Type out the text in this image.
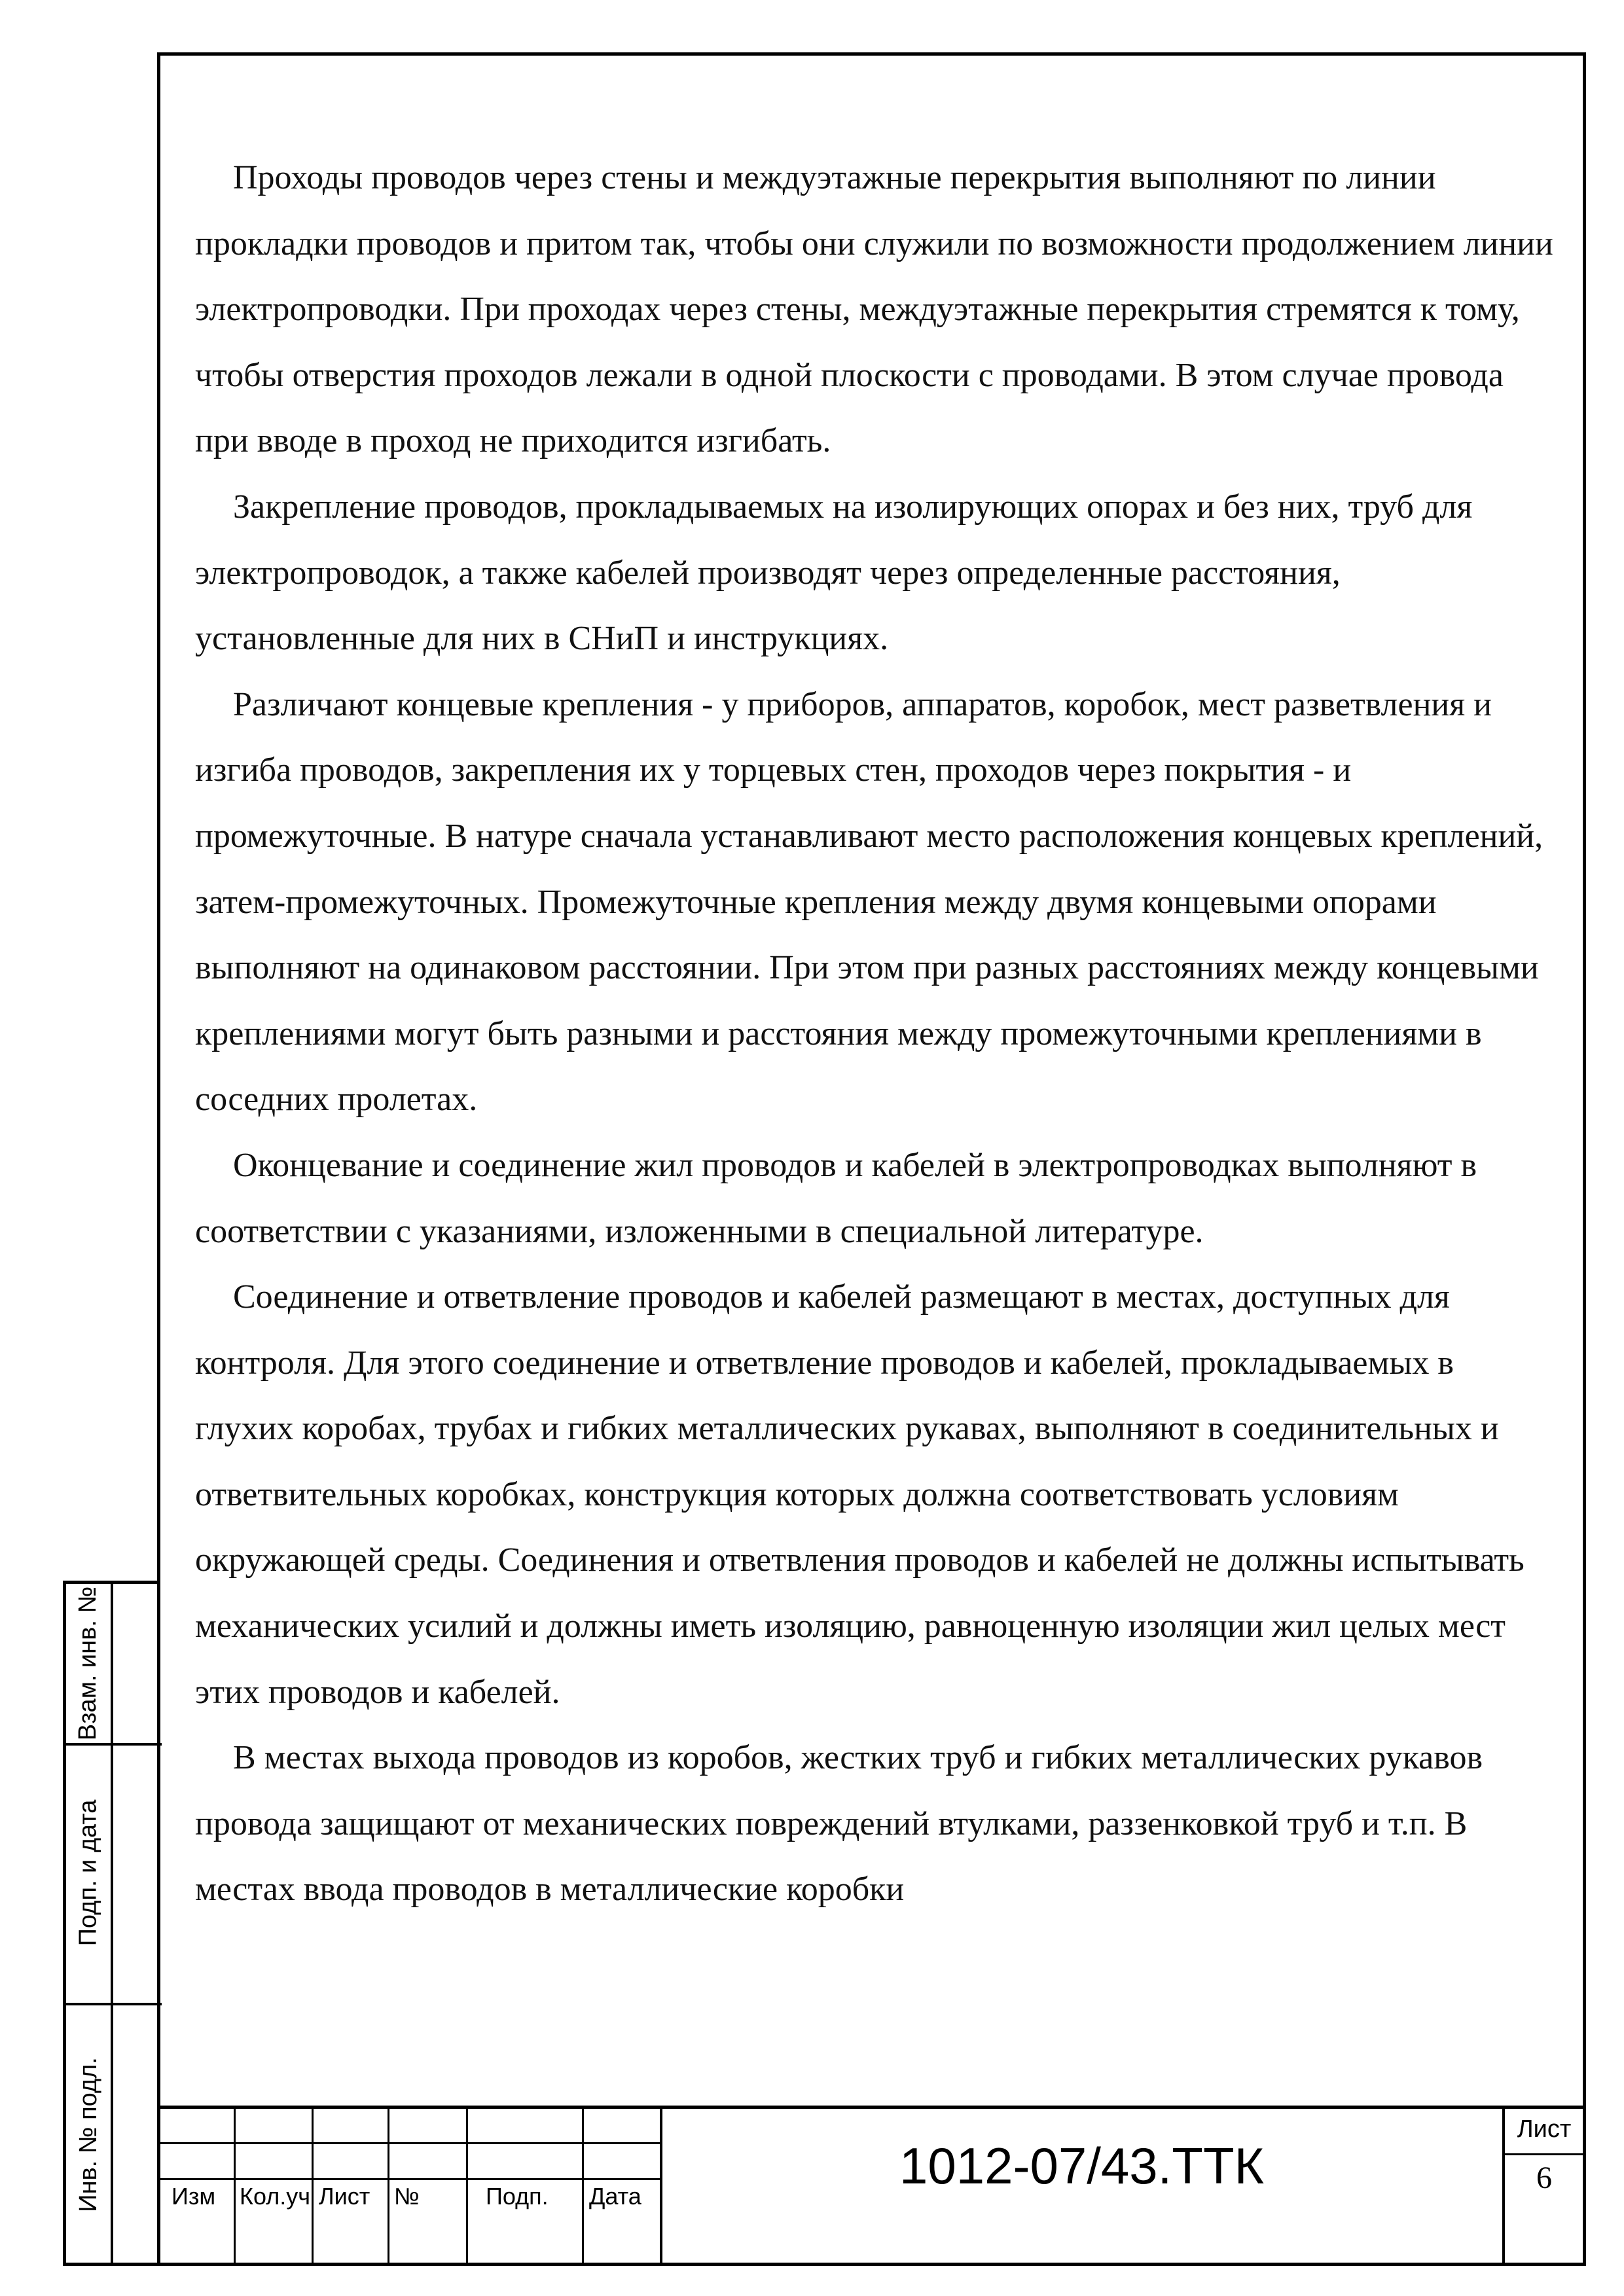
Проходы проводов через стены и междуэтажные перекрытия выполняют по линии прокладки проводов и притом так, чтобы они служили по возможности продолжением линии электропроводки. При проходах через стены, междуэтажные перекрытия стремятся к тому, чтобы отверстия проходов лежали в одной плоскости с проводами. В этом случае провода при вводе в проход не приходится изгибать.

Закрепление проводов, прокладываемых на изолирующих опорах и без них, труб для электропроводок, а также кабелей производят через определенные расстояния, установленные для них в СНиП и инструкциях.

Различают концевые крепления - у приборов, аппаратов, коробок, мест разветвления и изгиба проводов, закрепления их у торцевых стен, проходов через покрытия - и промежуточные. В натуре сначала устанавливают место расположения концевых креплений, затем-промежуточных. Промежуточные крепления между двумя концевыми опорами выполняют на одинаковом расстоянии. При этом при разных расстояниях между концевыми креплениями могут быть разными и расстояния между промежуточными креплениями в соседних пролетах.

Оконцевание и соединение жил проводов и кабелей в электропроводках выполняют в соответствии с указаниями, изложенными в специальной литературе.

Соединение и ответвление проводов и кабелей размещают в местах, доступных для контроля. Для этого соединение и ответвление проводов и кабелей, прокладываемых в глухих коробах, трубах и гибких металлических рукавах, выполняют в соединительных и ответвительных коробках, конструкция которых должна соответствовать условиям окружающей среды. Соединения и ответвления проводов и кабелей не должны испытывать механических усилий и должны иметь изоляцию, равноценную изоляции жил целых мест этих проводов и кабелей.

В местах выхода проводов из коробов, жестких труб и гибких металлических рукавов провода защищают от механических повреждений втулками, раззенковкой труб и т.п. В местах ввода проводов в металлические коробки

Взам. инв. №
Подп. и дата
Инв. № подл.	Изм Кол.уч Лист №	Подп. Дата
1012-07/43.ТТК
Лист
6
